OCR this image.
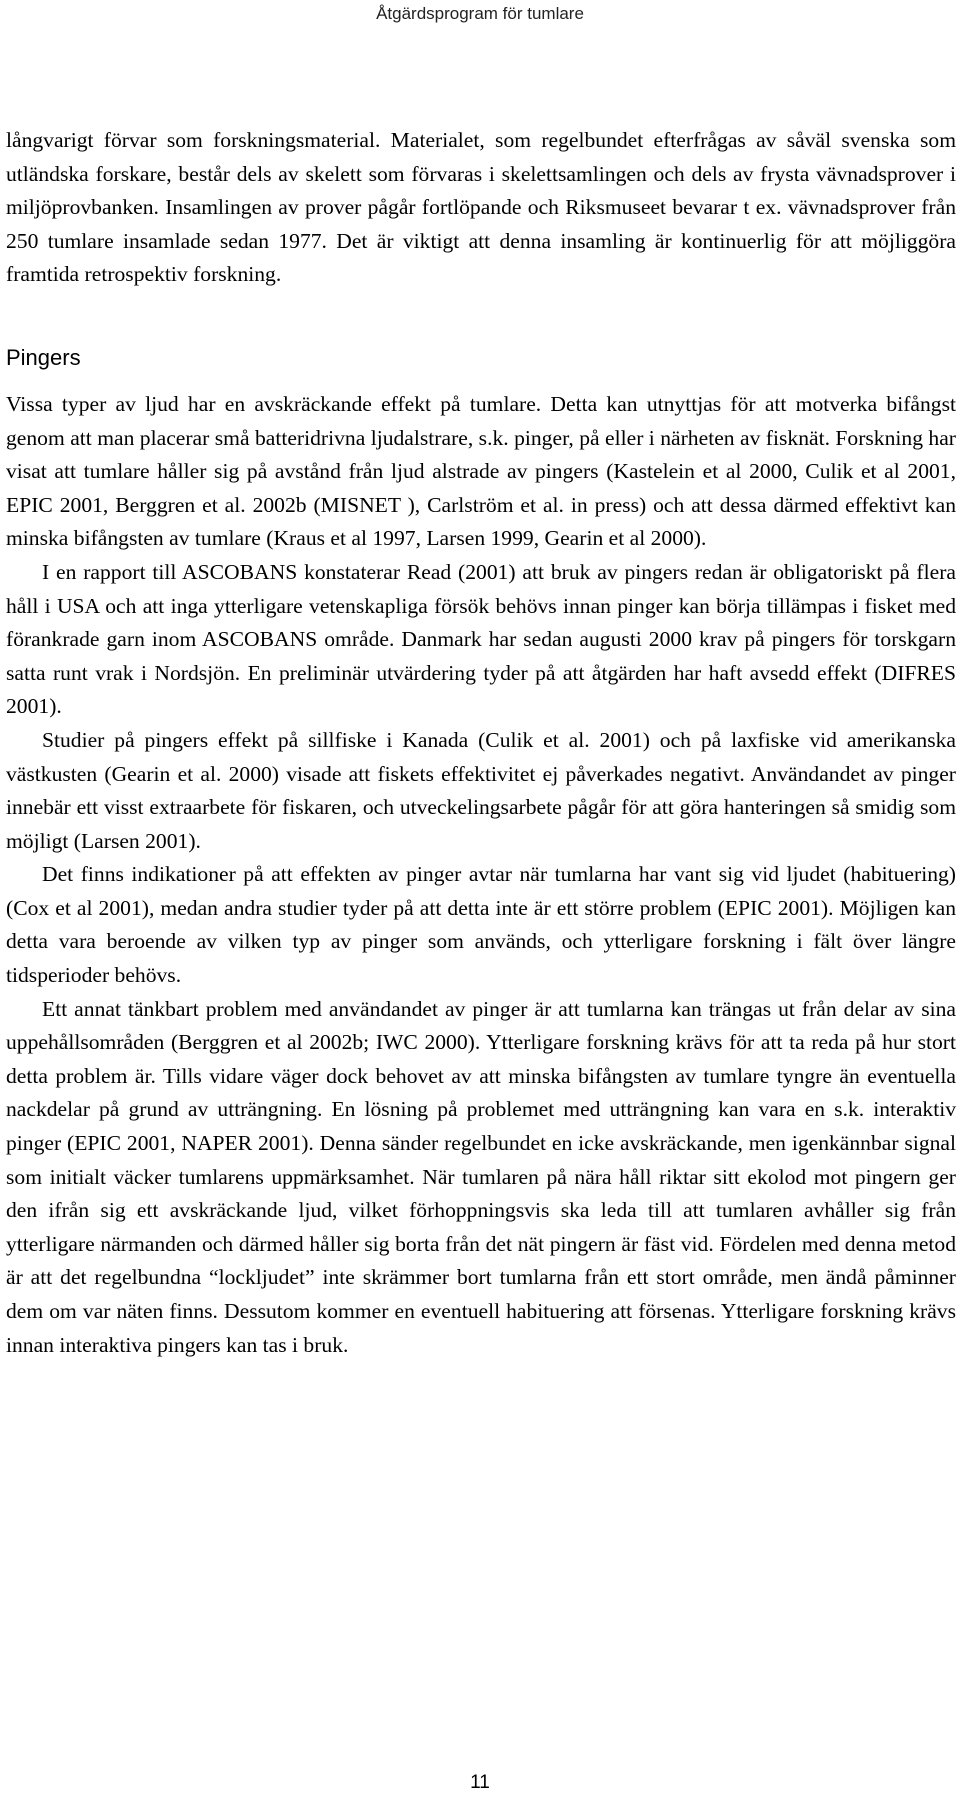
Åtgärdsprogram för tumlare

långvarigt förvar som forskningsmaterial. Materialet, som regelbundet efterfrågas av såväl svenska som utländska forskare, består dels av skelett som förvaras i skelettsamlingen och dels av frysta vävnadsprover i miljöprovbanken. Insamlingen av prover pågår fortlöpande och Riksmuseet bevarar t ex. vävnadsprover från 250 tumlare insamlade sedan 1977. Det är viktigt att denna insamling är kontinuerlig för att möjliggöra framtida retrospektiv forskning.

Pingers

Vissa typer av ljud har en avskräckande effekt på tumlare. Detta kan utnyttjas för att motverka bifångst genom att man placerar små batteridrivna ljudalstrare, s.k. pinger, på eller i närheten av fisknät. Forskning har visat att tumlare håller sig på avstånd från ljud alstrade av pingers (Kastelein et al 2000, Culik et al 2001, EPIC 2001, Berggren et al. 2002b (MISNET ), Carlström et al. in press) och att dessa därmed effektivt kan minska bifångsten av tumlare (Kraus et al 1997, Larsen 1999, Gearin et al 2000).

I en rapport till ASCOBANS konstaterar Read (2001) att bruk av pingers redan är obligatoriskt på flera håll i USA och att inga ytterligare vetenskapliga försök behövs innan pinger kan börja tillämpas i fisket med förankrade garn inom ASCOBANS område. Danmark har sedan augusti 2000 krav på pingers för torskgarn satta runt vrak i Nordsjön. En preliminär utvärdering tyder på att åtgärden har haft avsedd effekt (DIFRES 2001).

Studier på pingers effekt på sillfiske i Kanada (Culik et al. 2001) och på laxfiske vid amerikanska västkusten (Gearin et al. 2000) visade att fiskets effektivitet ej påverkades negativt. Användandet av pinger innebär ett visst extraarbete för fiskaren, och utveckelingsarbete pågår för att göra hanteringen så smidig som möjligt (Larsen 2001).

Det finns indikationer på att effekten av pinger avtar när tumlarna har vant sig vid ljudet (habituering)(Cox et al 2001), medan andra studier tyder på att detta inte är ett större problem (EPIC 2001). Möjligen kan detta vara beroende av vilken typ av pinger som används, och ytterligare forskning i fält över längre tidsperioder behövs.

Ett annat tänkbart problem med användandet av pinger är att tumlarna kan trängas ut från delar av sina uppehållsområden (Berggren et al 2002b; IWC 2000). Ytterligare forskning krävs för att ta reda på hur stort detta problem är. Tills vidare väger dock behovet av att minska bifångsten av tumlare tyngre än eventuella nackdelar på grund av utträngning. En lösning på problemet med utträngning kan vara en s.k. interaktiv pinger (EPIC 2001, NAPER 2001). Denna sänder regelbundet en icke avskräckande, men igenkännbar signal som initialt väcker tumlarens uppmärksamhet. När tumlaren på nära håll riktar sitt ekolod mot pingern ger den ifrån sig ett avskräckande ljud, vilket förhoppningsvis ska leda till att tumlaren avhåller sig från ytterligare närmanden och därmed håller sig borta från det nät pingern är fäst vid. Fördelen med denna metod är att det regelbundna “lockljudet” inte skrämmer bort tumlarna från ett stort område, men ändå påminner dem om var näten finns. Dessutom kommer en eventuell habituering att försenas. Ytterligare forskning krävs innan interaktiva pingers kan tas i bruk.

11
